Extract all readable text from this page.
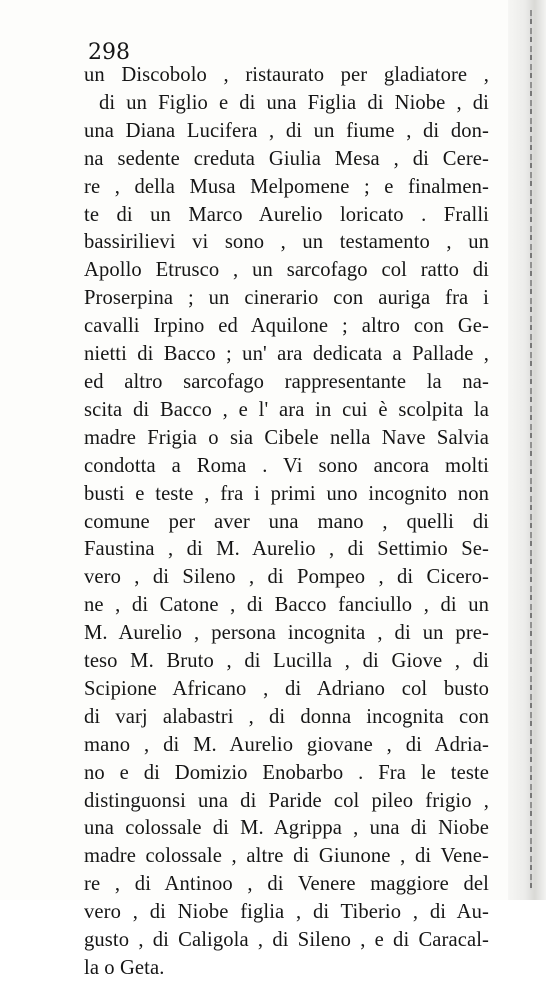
298
un Discobolo , ristaurato per gladiatore ,
di un Figlio e di una Figlia di Niobe , di
una Diana Lucifera , di un fiume , di don-
na sedente creduta Giulia Mesa , di Cere-
re , della Musa Melpomene ; e finalmen-
te di un Marco Aurelio loricato . Fralli
bassirilievi vi sono , un testamento , un
Apollo Etrusco , un sarcofago col ratto di
Proserpina ; un cinerario con auriga fra i
cavalli Irpino ed Aquilone ; altro con Ge-
nietti di Bacco ; un' ara dedicata a Pallade ,
ed altro sarcofago rappresentante la na-
scita di Bacco , e l' ara in cui è scolpita la
madre Frigia o sia Cibele nella Nave Salvia
condotta a Roma . Vi sono ancora molti
busti e teste , fra i primi uno incognito non
comune per aver una mano , quelli di
Faustina , di M. Aurelio , di Settimio Se-
vero , di Sileno , di Pompeo , di Cicero-
ne , di Catone , di Bacco fanciullo , di un
M. Aurelio , persona incognita , di un pre-
teso M. Bruto , di Lucilla , di Giove , di
Scipione Africano , di Adriano col busto
di varj alabastri , di donna incognita con
mano , di M. Aurelio giovane , di Adria-
no e di Domizio Enobarbo . Fra le teste
distinguonsi una di Paride col pileo frigio ,
una colossale di M. Agrippa , una di Niobe
madre colossale , altre di Giunone , di Vene-
re , di Antinoo , di Venere maggiore del
vero , di Niobe figlia , di Tiberio , di Au-
gusto , di Caligola , di Sileno , e di Caracal-
la o Geta.
